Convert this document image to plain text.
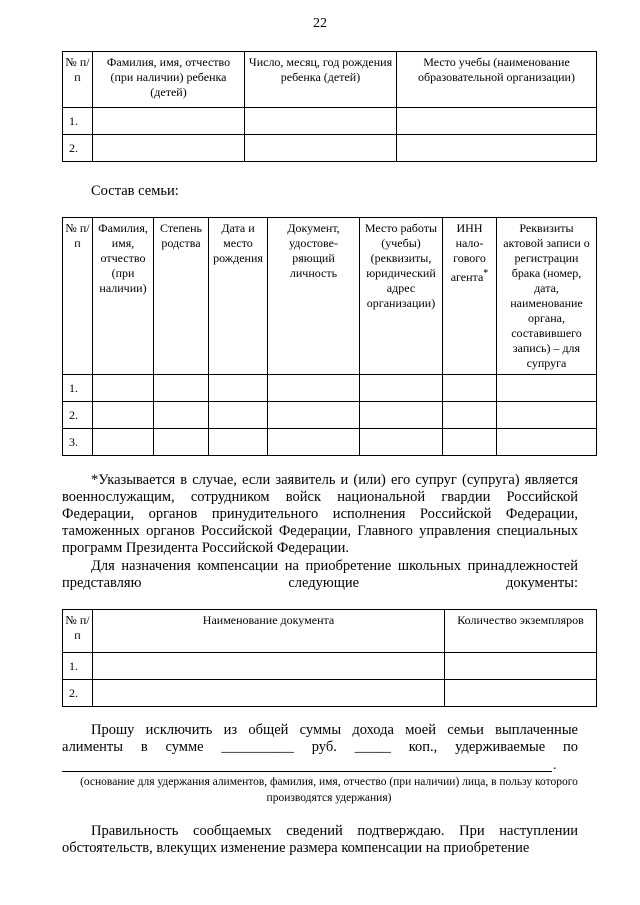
22
№ п/п	Фамилия, имя, отчество (при наличии) ребенка (детей)	Число, месяц, год рождения ребенка (детей)	Место учебы (наименование образовательной организации)
1.			
2.			
Состав семьи:
№ п/п	Фамилия, имя, отчество (при наличии)	Степень родства	Дата и место рождения	Документ, удостове-ряющий личность	Место работы (учебы) (реквизиты, юридический адрес организации)	ИНН нало-гового агента*	Реквизиты актовой записи о регистрации брака (номер, дата, наименование органа, составившего запись) – для супруга
1.							
2.							
3.							
*Указывается в случае, если заявитель и (или) его супруг (супруга) является военнослужащим, сотрудником войск национальной гвардии Российской Федерации, органов принудительного исполнения Российской Федерации, таможенных органов Российской Федерации, Главного управления специальных программ Президента Российской Федерации.
Для назначения компенсации на приобретение школьных принадлежностей представляю следующие документы:
№ п/п	Наименование документа	Количество экземпляров
1.		
2.		
Прошу исключить из общей суммы дохода моей семьи выплаченные алименты в сумме __________ руб. _____ коп., удерживаемые по
.
(основание для удержания алиментов, фамилия, имя, отчество (при наличии) лица, в пользу которого производятся удержания)
Правильность сообщаемых сведений подтверждаю. При наступлении обстоятельств, влекущих изменение размера компенсации на приобретение
